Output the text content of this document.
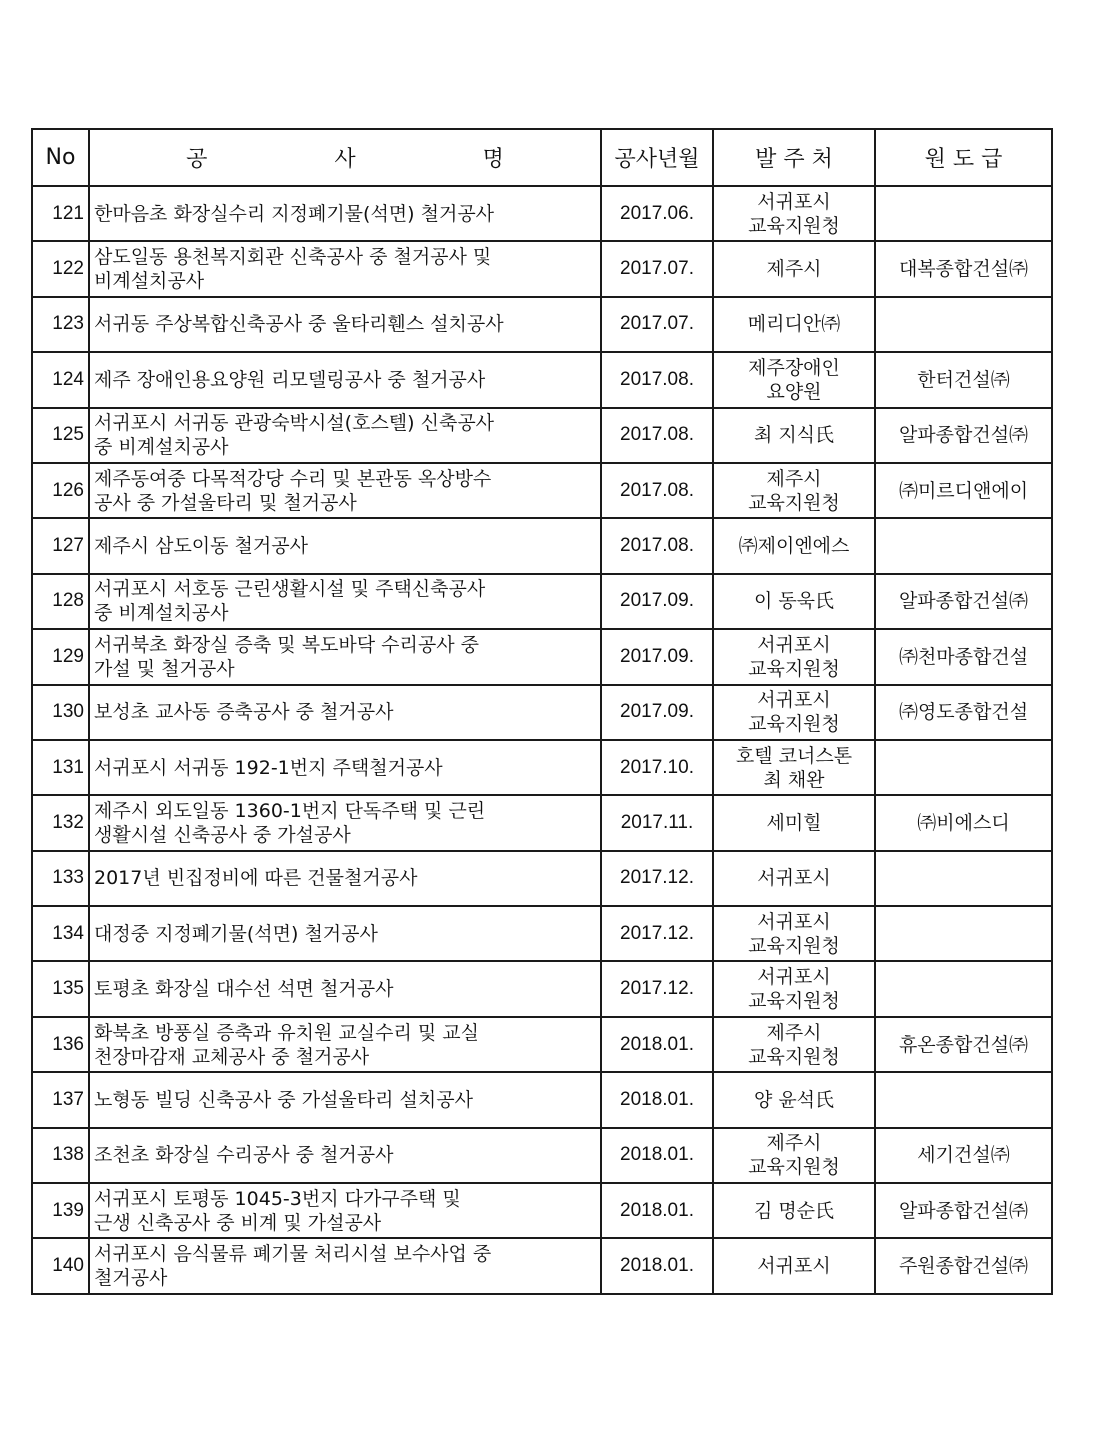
No	공 사 명	공사년월	발 주 처	원 도 급
121	한마음초 화장실수리 지정폐기물(석면) 철거공사	2017.06.	서귀포시
교육지원청	
122	삼도일동 용천복지회관 신축공사 중 철거공사 및
비계설치공사	2017.07.	제주시	대복종합건설㈜
123	서귀동 주상복합신축공사 중 울타리휀스 설치공사	2017.07.	메리디안㈜	
124	제주 장애인용요양원 리모델링공사 중 철거공사	2017.08.	제주장애인
요양원	한터건설㈜
125	서귀포시 서귀동 관광숙박시설(호스텔) 신축공사
중 비계설치공사	2017.08.	최 지식氏	알파종합건설㈜
126	제주동여중 다목적강당 수리 및 본관동 옥상방수
공사 중 가설울타리 및 철거공사	2017.08.	제주시
교육지원청	㈜미르디앤에이
127	제주시 삼도이동 철거공사	2017.08.	㈜제이엔에스	
128	서귀포시 서호동 근린생활시설 및 주택신축공사
중 비계설치공사	2017.09.	이 동욱氏	알파종합건설㈜
129	서귀북초 화장실 증축 및 복도바닥 수리공사 중
가설 및 철거공사	2017.09.	서귀포시
교육지원청	㈜천마종합건설
130	보성초 교사동 증축공사 중 철거공사	2017.09.	서귀포시
교육지원청	㈜영도종합건설
131	서귀포시 서귀동 192-1번지 주택철거공사	2017.10.	호텔 코너스톤
최 채완	
132	제주시 외도일동 1360-1번지 단독주택 및 근린
생활시설 신축공사 중 가설공사	2017.11.	세미힐	㈜비에스디
133	2017년 빈집정비에 따른 건물철거공사	2017.12.	서귀포시	
134	대정중 지정폐기물(석면) 철거공사	2017.12.	서귀포시
교육지원청	
135	토평초 화장실 대수선 석면 철거공사	2017.12.	서귀포시
교육지원청	
136	화북초 방풍실 증축과 유치원 교실수리 및 교실
천장마감재 교체공사 중 철거공사	2018.01.	제주시
교육지원청	휴온종합건설㈜
137	노형동 빌딩 신축공사 중 가설울타리 설치공사	2018.01.	양 윤석氏	
138	조천초 화장실 수리공사 중 철거공사	2018.01.	제주시
교육지원청	세기건설㈜
139	서귀포시 토평동 1045-3번지 다가구주택 및
근생 신축공사 중 비계 및 가설공사	2018.01.	김 명순氏	알파종합건설㈜
140	서귀포시 음식물류 폐기물 처리시설 보수사업 중
철거공사	2018.01.	서귀포시	주원종합건설㈜
